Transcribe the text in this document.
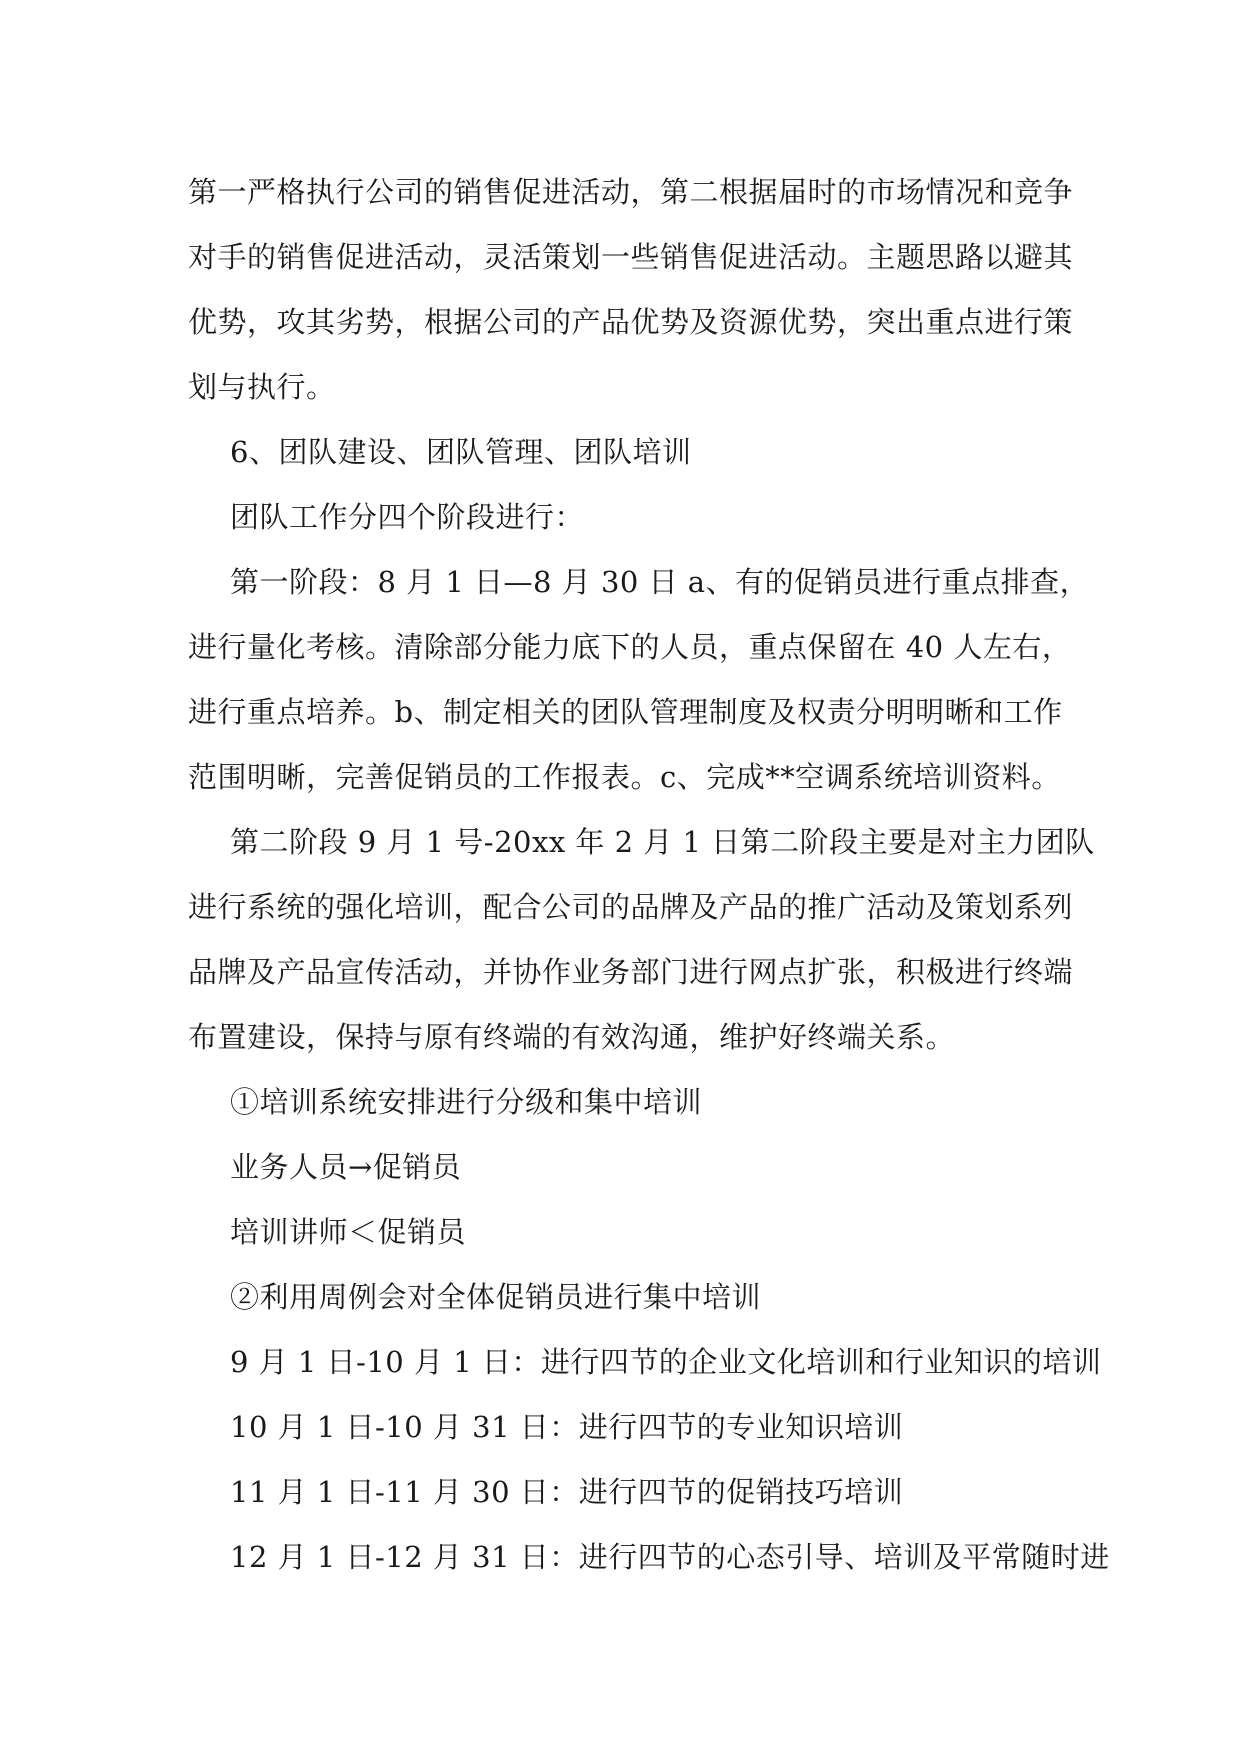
第一严格执行公司的销售促进活动，第二根据届时的市场情况和竞争
对手的销售促进活动，灵活策划一些销售促进活动。主题思路以避其
优势，攻其劣势，根据公司的产品优势及资源优势，突出重点进行策
划与执行。
6、团队建设、团队管理、团队培训
团队工作分四个阶段进行：
第一阶段：8 月 1 日—8 月 30 日 a、有的促销员进行重点排查，
进行量化考核。清除部分能力底下的人员，重点保留在 40 人左右，
进行重点培养。b、制定相关的团队管理制度及权责分明明晰和工作
范围明晰，完善促销员的工作报表。c、完成**空调系统培训资料。
第二阶段 9 月 1 号-20xx 年 2 月 1 日第二阶段主要是对主力团队
进行系统的强化培训，配合公司的品牌及产品的推广活动及策划系列
品牌及产品宣传活动，并协作业务部门进行网点扩张，积极进行终端
布置建设，保持与原有终端的有效沟通，维护好终端关系。
①培训系统安排进行分级和集中培训
业务人员→促销员
培训讲师＜促销员
②利用周例会对全体促销员进行集中培训
9 月 1 日-10 月 1 日：进行四节的企业文化培训和行业知识的培训
10 月 1 日-10 月 31 日：进行四节的专业知识培训
11 月 1 日-11 月 30 日：进行四节的促销技巧培训
12 月 1 日-12 月 31 日：进行四节的心态引导、培训及平常随时进
